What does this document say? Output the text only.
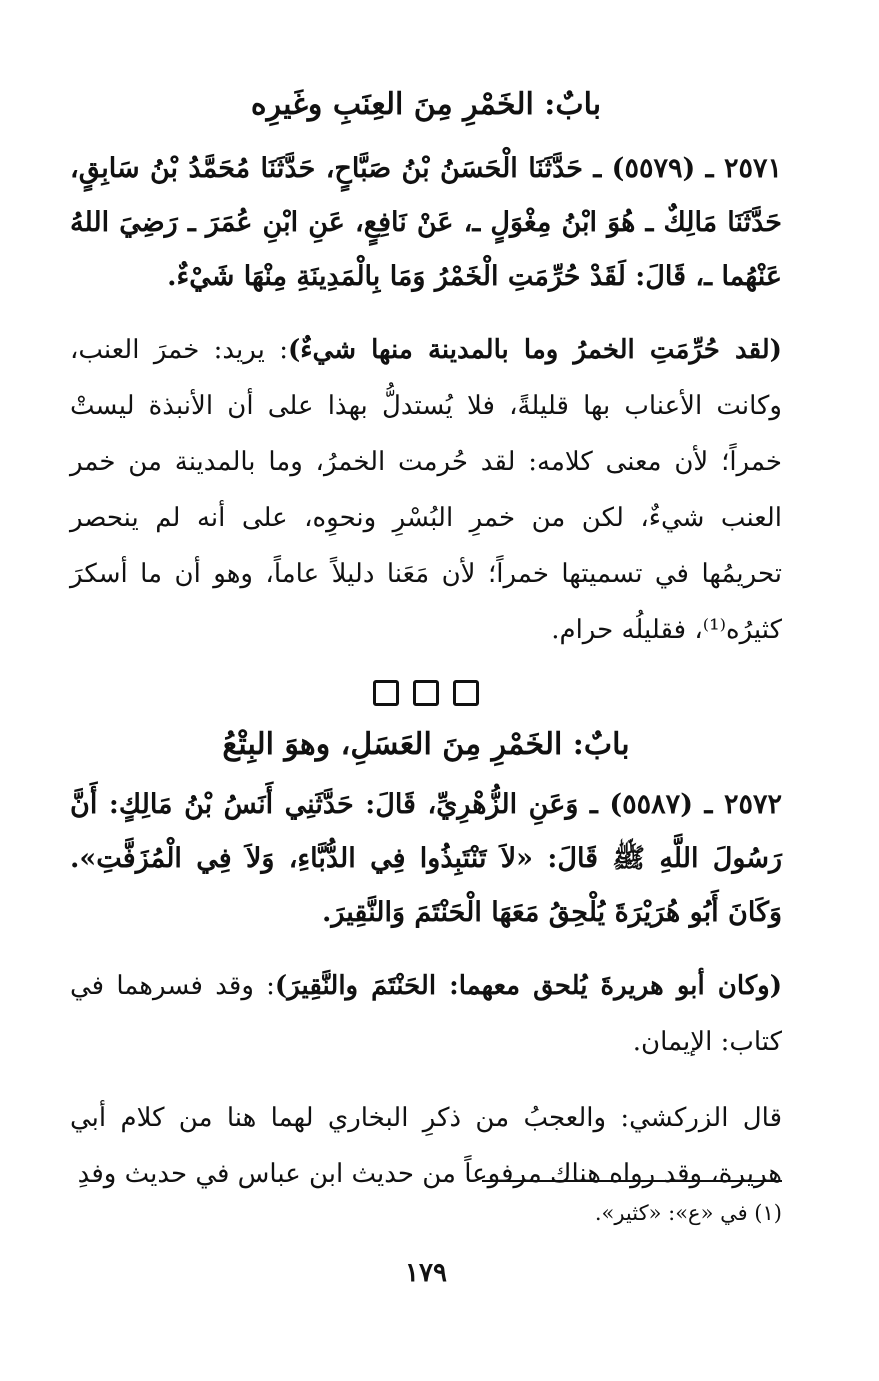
بابٌ: الخَمْرِ مِنَ العِنَبِ وغَيرِه

٢٥٧١ ـ (٥٥٧٩) ـ حَدَّثَنَا الْحَسَنُ بْنُ صَبَّاحٍ، حَدَّثَنَا مُحَمَّدُ بْنُ سَابِقٍ، حَدَّثَنَا مَالِكٌ ـ هُوَ ابْنُ مِغْوَلٍ ـ، عَنْ نَافِعٍ، عَنِ ابْنِ عُمَرَ ـ رَضِيَ اللهُ عَنْهُما ـ، قَالَ: لَقَدْ حُرِّمَتِ الْخَمْرُ وَمَا بِالْمَدِينَةِ مِنْهَا شَيْءٌ.

(لقد حُرِّمَتِ الخمرُ وما بالمدينة منها شيءٌ): يريد: خمرَ العنب، وكانت الأعناب بها قليلةً، فلا يُستدلُّ بهذا على أن الأنبذة ليستْ خمراً؛ لأن معنى كلامه: لقد حُرمت الخمرُ، وما بالمدينة من خمر العنب شيءٌ، لكن من خمرِ البُسْرِ ونحوِه، على أنه لم ينحصر تحريمُها في تسميتها خمراً؛ لأن مَعَنا دليلاً عاماً، وهو أن ما أسكرَ كثيرُه⁽¹⁾، فقليلُه حرام.

بابٌ: الخَمْرِ مِنَ العَسَلِ، وهوَ البِتْعُ

٢٥٧٢ ـ (٥٥٨٧) ـ وَعَنِ الزُّهْرِيِّ، قَالَ: حَدَّثَنِي أَنَسُ بْنُ مَالِكٍ: أَنَّ رَسُولَ اللَّهِ ﷺ قَالَ: «لاَ تَنْتَبِذُوا فِي الدُّبَّاءِ، وَلاَ فِي الْمُزَفَّتِ». وَكَانَ أَبُو هُرَيْرَةَ يُلْحِقُ مَعَهَا الْحَنْتَمَ وَالنَّقِيرَ.

(وكان أبو هريرةَ يُلحق معهما: الحَنْتَمَ والنَّقِيرَ): وقد فسرهما في كتاب: الإيمان.

قال الزركشي: والعجبُ من ذكرِ البخاري لهما هنا من كلام أبي هريرة، وقد رواه هناك مرفوعاً من حديث ابن عباس في حديث وفدِ

(١) في «ع»: «كثير».

١٧٩
